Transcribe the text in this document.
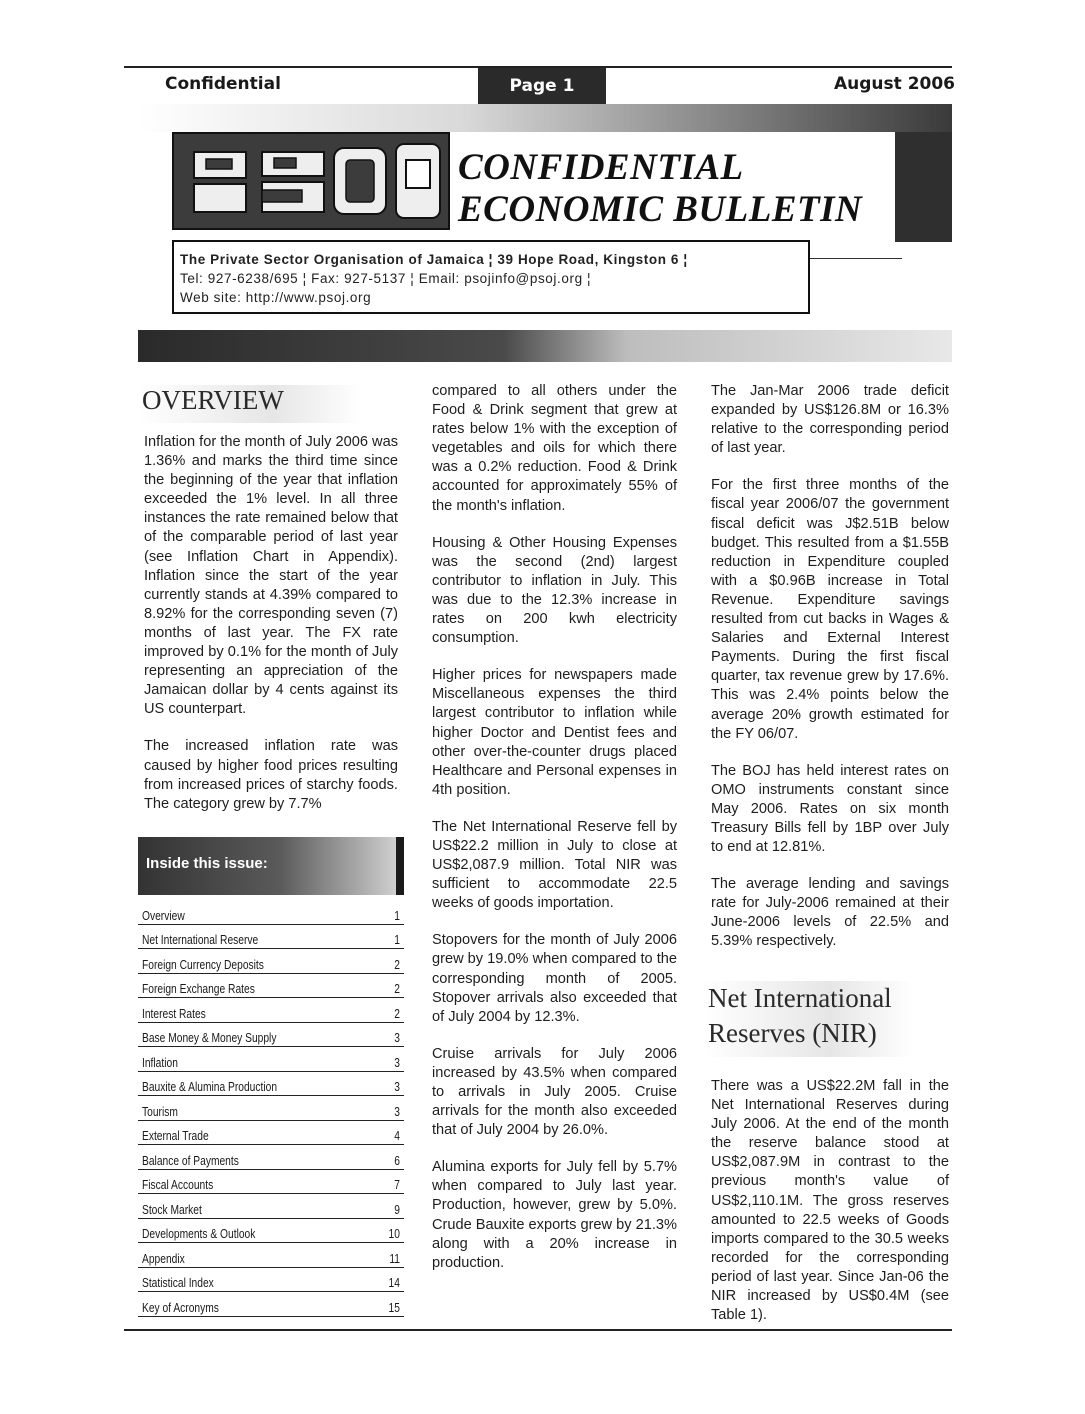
Confidential	Page 1	August 2006
CONFIDENTIAL
ECONOMIC BULLETIN
The Private Sector Organisation of Jamaica ¦ 39 Hope Road, Kingston 6 ¦
Tel: 927-6238/695 ¦ Fax: 927-5137 ¦ Email: psojinfo@psoj.org ¦
Web site: http://www.psoj.org
OVERVIEW

Inflation for the month of July 2006 was 1.36% and marks the third time since the beginning of the year that inflation exceeded the 1% level. In all three instances the rate remained below that of the comparable period of last year (see Inflation Chart in Appendix). Inflation since the start of the year currently stands at 4.39% compared to 8.92% for the corresponding seven (7) months of last year. The FX rate improved by 0.1% for the month of July representing an appreciation of the Jamaican dollar by 4 cents against its US counterpart.

The increased inflation rate was caused by higher food prices resulting from increased prices of starchy foods. The category grew by 7.7%

Inside this issue:
Overview	1
Net International Reserve	1
Foreign Currency Deposits	2
Foreign Exchange Rates	2
Interest Rates	2
Base Money & Money Supply	3
Inflation	3
Bauxite & Alumina Production	3
Tourism	3
External Trade	4
Balance of Payments	6
Fiscal Accounts	7
Stock Market	9
Developments & Outlook	10
Appendix	11
Statistical Index	14
Key of Acronyms	15

compared to all others under the Food & Drink segment that grew at rates below 1% with the exception of vegetables and oils for which there was a 0.2% reduction. Food & Drink accounted for approximately 55% of the month's inflation.

Housing & Other Housing Expenses was the second (2nd) largest contributor to inflation in July. This was due to the 12.3% increase in rates on 200 kwh electricity consumption.

Higher prices for newspapers made Miscellaneous expenses the third largest contributor to inflation while higher Doctor and Dentist fees and other over-the-counter drugs placed Healthcare and Personal expenses in 4th position.

The Net International Reserve fell by US$22.2 million in July to close at US$2,087.9 million. Total NIR was sufficient to accommodate 22.5 weeks of goods importation.

Stopovers for the month of July 2006 grew by 19.0% when compared to the corresponding month of 2005. Stopover arrivals also exceeded that of July 2004 by 12.3%.

Cruise arrivals for July 2006 increased by 43.5% when compared to arrivals in July 2005. Cruise arrivals for the month also exceeded that of July 2004 by 26.0%.

Alumina exports for July fell by 5.7% when compared to July last year. Production, however, grew by 5.0%. Crude Bauxite exports grew by 21.3% along with a 20% increase in production.

The Jan-Mar 2006 trade deficit expanded by US$126.8M or 16.3% relative to the corresponding period of last year.

For the first three months of the fiscal year 2006/07 the government fiscal deficit was J$2.51B below budget. This resulted from a $1.55B reduction in Expenditure coupled with a $0.96B increase in Total Revenue. Expenditure savings resulted from cut backs in Wages & Salaries and External Interest Payments. During the first fiscal quarter, tax revenue grew by 17.6%. This was 2.4% points below the average 20% growth estimated for the FY 06/07.

The BOJ has held interest rates on OMO instruments constant since May 2006. Rates on six month Treasury Bills fell by 1BP over July to end at 12.81%.

The average lending and savings rate for July-2006 remained at their June-2006 levels of 22.5% and 5.39% respectively.

Net International
Reserves (NIR)

There was a US$22.2M fall in the Net International Reserves during July 2006. At the end of the month the reserve balance stood at US$2,087.9M in contrast to the previous month's value of US$2,110.1M. The gross reserves amounted to 22.5 weeks of Goods imports compared to the 30.5 weeks recorded for the corresponding period of last year. Since Jan-06 the NIR increased by US$0.4M (see Table 1).
